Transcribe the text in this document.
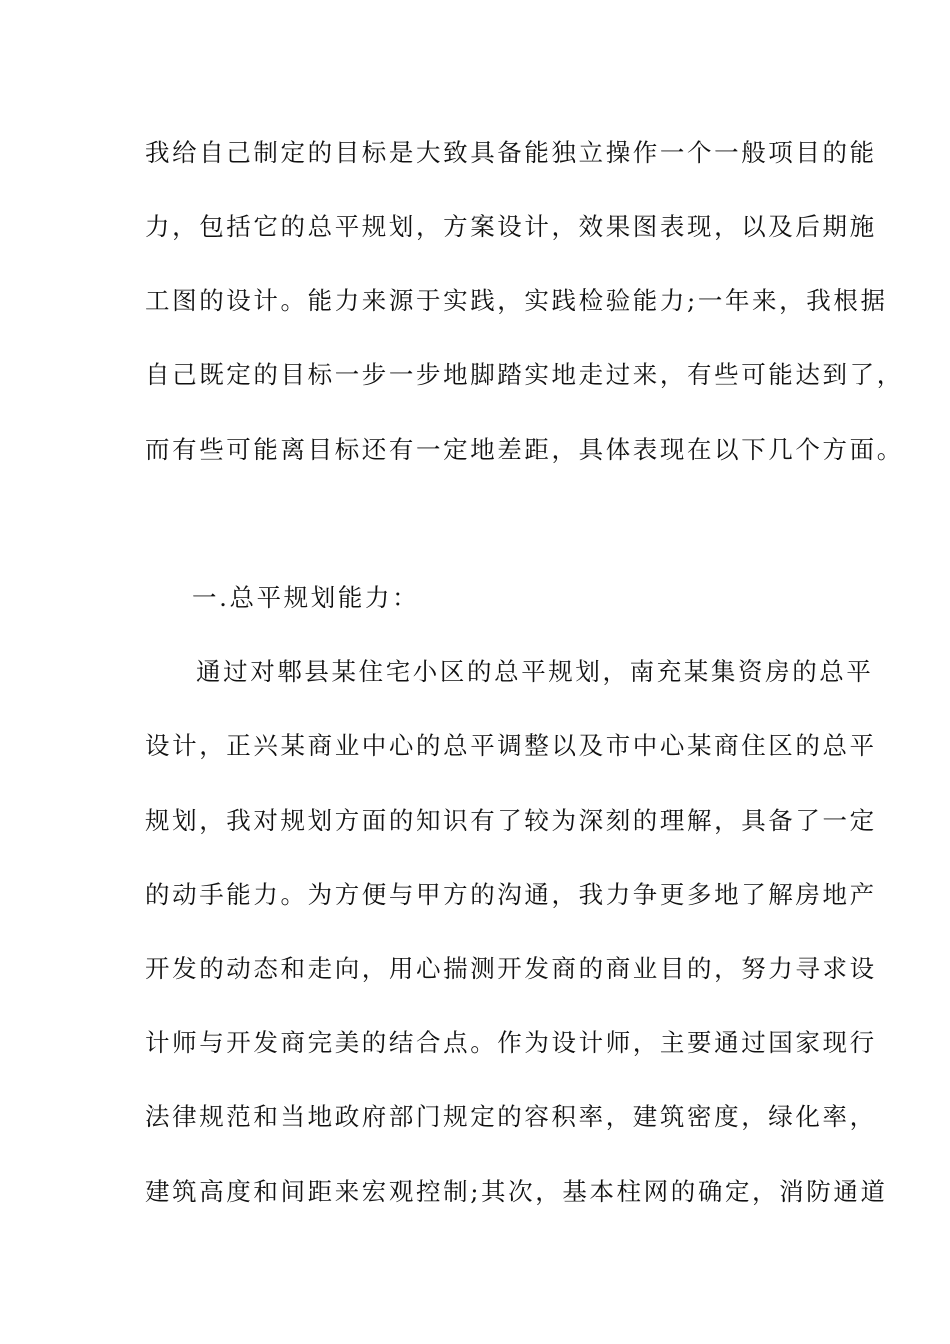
我给自己制定的目标是大致具备能独立操作一个一般项目的能
力，包括它的总平规划，方案设计，效果图表现，以及后期施
工图的设计。能力来源于实践，实践检验能力;一年来，我根据
自己既定的目标一步一步地脚踏实地走过来，有些可能达到了，
而有些可能离目标还有一定地差距，具体表现在以下几个方面。
一.总平规划能力：
通过对郫县某住宅小区的总平规划，南充某集资房的总平
设计，正兴某商业中心的总平调整以及市中心某商住区的总平
规划，我对规划方面的知识有了较为深刻的理解，具备了一定
的动手能力。为方便与甲方的沟通，我力争更多地了解房地产
开发的动态和走向，用心揣测开发商的商业目的，努力寻求设
计师与开发商完美的结合点。作为设计师，主要通过国家现行
法律规范和当地政府部门规定的容积率，建筑密度，绿化率，
建筑高度和间距来宏观控制;其次，基本柱网的确定，消防通道
